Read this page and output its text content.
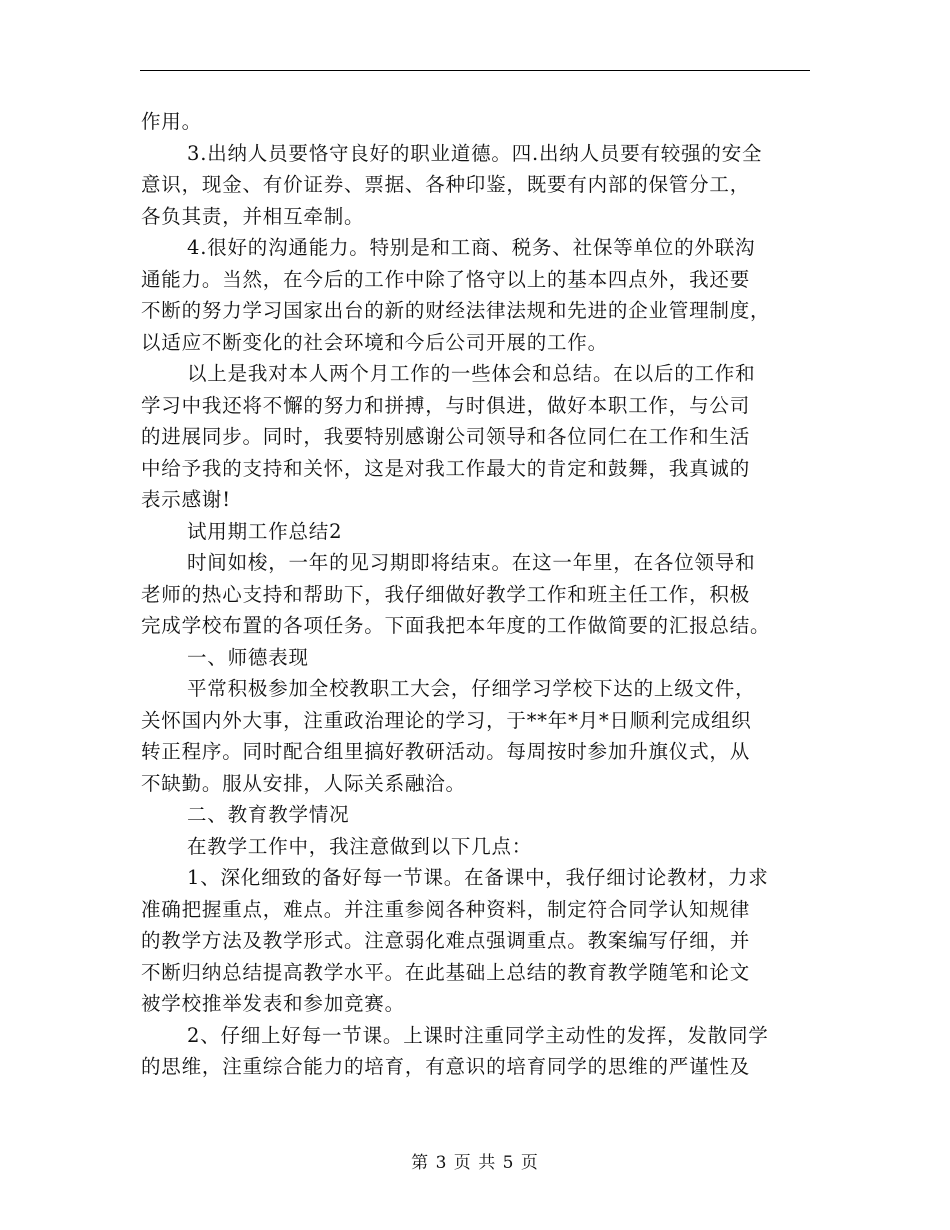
作用。
3.出纳人员要恪守良好的职业道德。四.出纳人员要有较强的安全
意识，现金、有价证券、票据、各种印鉴，既要有内部的保管分工，
各负其责，并相互牵制。
4.很好的沟通能力。特别是和工商、税务、社保等单位的外联沟
通能力。当然，在今后的工作中除了恪守以上的基本四点外，我还要
不断的努力学习国家出台的新的财经法律法规和先进的企业管理制度，
以适应不断变化的社会环境和今后公司开展的工作。
以上是我对本人两个月工作的一些体会和总结。在以后的工作和
学习中我还将不懈的努力和拼搏，与时俱进，做好本职工作，与公司
的进展同步。同时，我要特别感谢公司领导和各位同仁在工作和生活
中给予我的支持和关怀，这是对我工作最大的肯定和鼓舞，我真诚的
表示感谢!
试用期工作总结2
时间如梭，一年的见习期即将结束。在这一年里，在各位领导和
老师的热心支持和帮助下，我仔细做好教学工作和班主任工作，积极
完成学校布置的各项任务。下面我把本年度的工作做简要的汇报总结。
一、师德表现
平常积极参加全校教职工大会，仔细学习学校下达的上级文件，
关怀国内外大事，注重政治理论的学习，于**年*月*日顺利完成组织
转正程序。同时配合组里搞好教研活动。每周按时参加升旗仪式，从
不缺勤。服从安排，人际关系融洽。
二、教育教学情况
在教学工作中，我注意做到以下几点：
1、深化细致的备好每一节课。在备课中，我仔细讨论教材，力求
准确把握重点，难点。并注重参阅各种资料，制定符合同学认知规律
的教学方法及教学形式。注意弱化难点强调重点。教案编写仔细，并
不断归纳总结提高教学水平。在此基础上总结的教育教学随笔和论文
被学校推举发表和参加竞赛。
2、仔细上好每一节课。上课时注重同学主动性的发挥，发散同学
的思维，注重综合能力的培育，有意识的培育同学的思维的严谨性及
第 3 页 共 5 页
